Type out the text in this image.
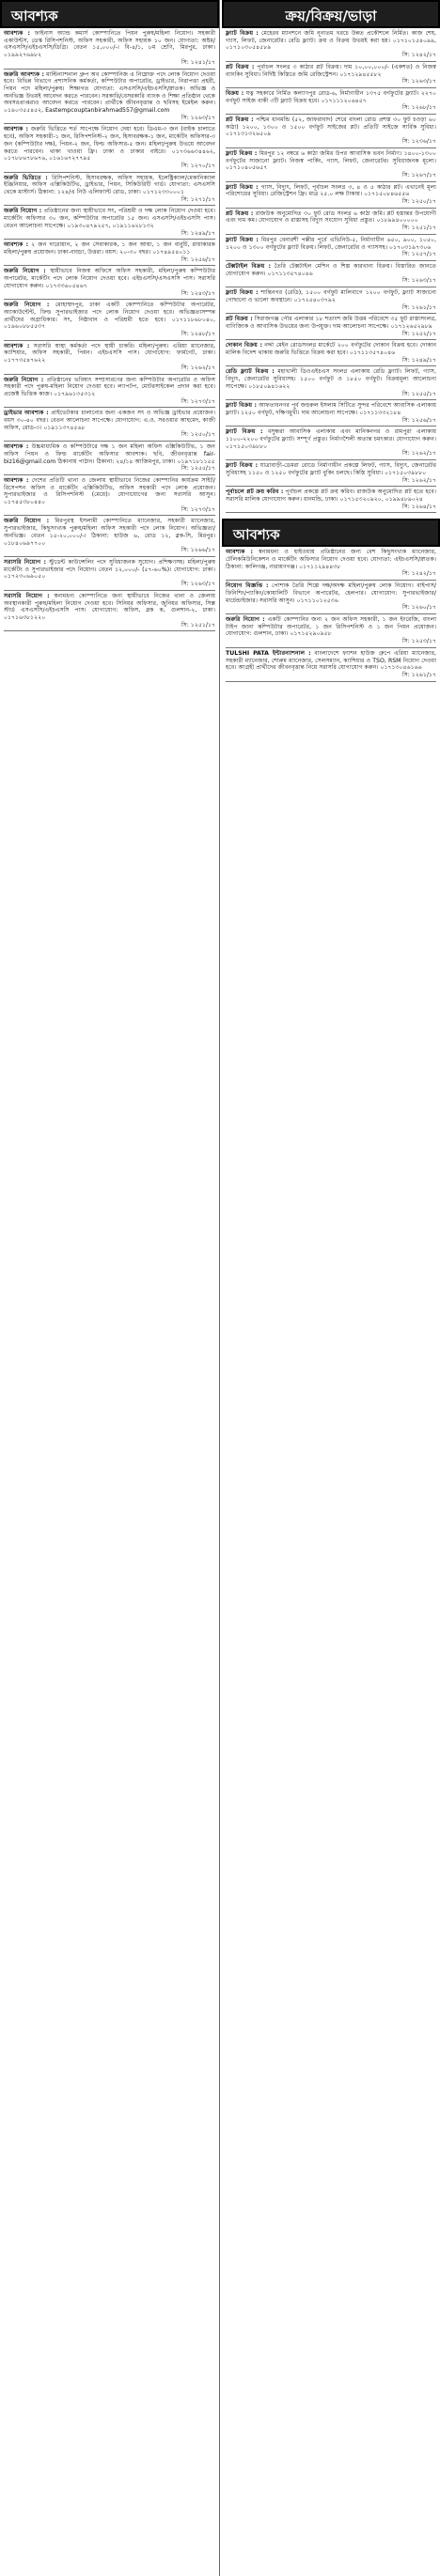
আবশ্যক
আবশ্যক : ফাইনাস অ্যান্ড কমার্স কোম্পানিতে পিয়ন পুরুষ/মহিলা নিয়োগ। সহকারী একাউন্টস, ডেস্ক রিসিপশনিস্ট, অফিস সহকারী, অফিস সহায়ক ১০ জন। যোগ্যতা: অষ্টম/এসএসসি/এইচএসসি/ডিগ্রি। বেতন ১৫,০০০/-। বি-৪/১, ৮ম শ্রেণি, মিরপুর, ঢাকা। ০১৯৯২৭৬৯৮২
সি: ১২৪১/১৭
জরুরি আবশ্যক : মাল্টিন্যাশনাল গ্রুপ অব কোম্পানিজ এ নিম্নোক্ত পদে লোক নিয়োগ দেওয়া হবে। বিভিন্ন বিভাগে প্রশাসনিক কর্মকর্তা, কম্পিউটার অপারেটর, ড্রাইভার, নিরাপত্তা প্রহরী, পিয়ন পদে মহিলা/পুরুষ। শিক্ষাগত যোগ্যতা: এসএসসি/এইচএসসি/স্নাতক। অভিজ্ঞ ও অনভিজ্ঞ উভয়ই আবেদন করতে পারবেন। সরকারি/বেসরকারি ব্যাংক ও শিক্ষা প্রতিষ্ঠান থেকে অবসরপ্রাপ্তরাও আবেদন করতে পারবেন। প্রার্থীকে জীবনবৃত্তান্ত ও ছবিসহ ইমেইল করুন। ০১৯০৩৫৫৪৫২, Eastempcouptanbirahmad557@gmail.com
সি: ১২৬৩/১৭
আবশ্যক : জরুরি ভিত্তিতে শর্ত সাপেক্ষে নিয়োগ দেয়া হবে। ডিএম-৩ জন (বাইক চালাতে হবে), অফিস সহকারী-১ জন, রিসিপশনিস্ট-২ জন, হিসাবরক্ষক-১ জন, মার্কেটিং অফিসার-৩ জন (কম্পিউটার দক্ষ), পিয়ন-২ জন, ফিল্ড অফিসার-৫ জন। মহিলা/পুরুষ উভয়ে আবেদন করতে পারবেন। থাকা খাওয়া ফ্রি। ঢাকা ও ঢাকার বাইরে। ০১৭৩৬৬৩৪৪৬২, ০১৭৮৮৬৭৮৬৭৬, ০১৬১৬৭২৭৭৯৫
সি: ১২৭০/১৭
জরুরি ভিত্তিতে : রিসিপশনিস্ট, হিসাবরক্ষক, অফিস সহায়ক, ইলেক্ট্রিক্যাল/মেকানিক্যাল ইঞ্জিনিয়ার, অফিস এক্সিকিউটিভ, ড্রাইভার, পিয়ন, সিকিউরিটি গার্ড। যোগ্যতা: এসএসসি থেকে মাস্টার্স। ঠিকানা: ১২৪/এ নিউ এলিফ্যান্ট রোড, ঢাকা। ০১৭১২৩৩০০০১
সি: ১২৭১/১৭
জরুরি নিয়োগ : প্রতিষ্ঠানের জন্য স্থায়ীভাবে সৎ, পরিশ্রমী ও দক্ষ লোক নিয়োগ দেওয়া হবে। মার্কেটিং অফিসার ৩০ জন, কম্পিউটার অপারেটর ১৫ জন। এসএসসি/এইচএসসি পাস। বেতন আলোচনা সাপেক্ষে। ০১৯৩০৪৭৯২৫৭, ০১৯১১৬২৮১৩২
সি: ১২৪৯/১৭
আবশ্যক : ২ জন দারোয়ান, ২ জন সেবাকারক, ১ জন আয়া, ১ জন বাবুর্চি, রায়াকারক মহিলা/পুরুষ প্রয়োজন। ঢাকা-বাড্ডা, উত্তরা। বয়স: ২০-৩০ বছর। ০১৭৪৯৫৪০১১
সি: ১২৫৬/১৭
জরুরি নিয়োগ : স্থায়ীভাবে নিজস্ব অফিসে অফিস সহকারী, মহিলা/পুরুষ কম্পিউটার অপারেটর, মার্কেটিং পদে লোক নিয়োগ দেওয়া হবে। এইচএসসি/এসএসসি পাস। সরাসরি যোগাযোগ করুন। ০১৭৩৩৬০৫৪৬৭
সি: ১২৪৩/১৭
জরুরি নিয়োগ : মোহাম্মদপুর, ঢাকা একটি কোম্পানিতে কম্পিউটার অপারেটর, অ্যাকাউন্টেন্ট, ফিল্ড সুপারভাইজার পদে লোক নিয়োগ দেওয়া হবে। অভিজ্ঞতাসম্পন্ন প্রার্থীদের অগ্রাধিকার। সৎ, নিষ্ঠাবান ও পরিশ্রমী হতে হবে। ০১৭১১৮৬৮০৪০, ০১৯৬০৮৮৫৫৩৭
সি: ১২৪৮/১৭
আবশ্যক : সরাসরি স্বাস্থ্য কর্মকর্তা পদে স্থায়ী চাকরি। মহিলা/পুরুষ। এরিয়া ম্যানেজার, ক্যাশিয়ার, অফিস সহকারী, পিয়ন। এইচএসসি পাস। যোগাযোগ: ফার্মগেট, ঢাকা। ০১৭৭৩৫৪৭৬২২
সি: ১২৬২/১৭
জরুরি নিয়োগ : প্রতিষ্ঠানের ভবিষ্যৎ সম্প্রসারণের জন্য কম্পিউটার অপারেটর ও অফিস সহকারী পদে পুরুষ-মহিলা নিয়োগ দেওয়া হবে। ল্যাপটপ, মোটরসাইকেল প্রদান করা হবে। প্রজেক্ট ভিত্তিক কাজ। ০১৭৯৬১৩৫৩১২
সি: ১২৭৩/১৭
ড্রাইভার আবশ্যক : প্রাইভেটকার চালানোর জন্য একজন সৎ ও অভিজ্ঞ ড্রাইভার প্রয়োজন। বয়স ৩০-৪০ বছর। বেতন আলোচনা সাপেক্ষে। যোগাযোগ: এ.ও. সরওয়ার আহমেদ, কাজী অফিস, রোড-৩। ০১৯১১৩৭৪৫৬৮
সি: ১২৫০/১৭
আবশ্যক : উচ্চমাধ্যমিক ও কম্পিউটারে দক্ষ ১ জন মহিলা অফিস এক্সিকিউটিভ, ১ জন অফিস পিয়ন ও ফিল্ড মার্কেটিং অফিসার আবশ্যক। ছবি, জীবনবৃত্তান্ত fair-biz16@gmail.com ঠিকানায় পাঠান। ঠিকানা: ২৪/১৪ আজিমপুর, ঢাকা। ০১৯৭১৮১১৫৫
সি: ১২৫৫/১৭
আবশ্যক : দেশের প্রতিটি থানা ও জেলায় স্থায়ীভাবে নিজের কোম্পানির কার্যক্রম সাইট/রিসেপশন অফিস ও মার্কেটিং এক্সিকিউটিভ, অফিস সহকারী পদে লোক প্রয়োজন। সুপারভাইজার ও রিসিপশনিস্ট (মেয়ে)। যোগাযোগের জন্য সরাসরি আসুন। ০১৭৪৫৩৮০৪৪০
সি: ১২৭৩/১৭
জরুরি নিয়োগ : মিরপুরস্থ ইসলামী কোম্পানিতে ম্যানেজার, সহকারী ম্যানেজার, সুপারভাইজার, কিছুসংখ্যক পুরুষ/মহিলা অফিস সহকারী পদে লোক নিয়োগ। অভিজ্ঞতা/অনভিজ্ঞ। বেতন ১৫-২০,০০০/-। ঠিকানা: হাউজ ৬, রোড ১২, ব্লক-সি, মিরপুর। ০১৮৪০৬৯৭৭০০
সি: ১২৬৬/১৭
সরাসরি নিয়োগ : স্টুডেন্ট কাউন্সেলিং পদে সুবিধাজনক সুযোগ। প্রশিক্ষণসহ। মহিলা/পুরুষ মার্কেটিং ও সুপারভাইজার পদে নিয়োগ। বেতন ১২,০০০/- (৫৭-৬০%)। যোগাযোগ: ঢাকা। ০১৭২৩০৬৯০৫০
সি: ১২৬৩/১৭
সরাসরি নিয়োগ : স্বনামধন্য কোম্পানিতে জন্য স্থায়ীভাবে নিজের থানা ও জেলায় অবস্থানকারী পুরুষ/মহিলা নিয়োগ দেওয়া হবে। সিনিয়র অফিসার, জুনিয়র অফিসার, সিক্স স্টার্ড এসএসসি/এইচএসসি পাস। যোগাযোগ: অফিস, ব্লক ক, গুলশান-২, ঢাকা। ০১৭১৬৩৮১২২০
সি: ১২৫১/১৭
ক্রয়/বিক্রয়/ভাড়া
ফ্ল্যাট বিক্রয় : মেহেরব ম্যানশনে জমি নূন্যতম খরচে উন্নত প্রকৌশলে নির্মিত। কাজ শেষ, গ্যাস, লিফট, জেনারেটর। রেডি ফ্ল্যাট। ক্রয় ও বিক্রয় উভয়ই করা হয়। ০১৭১০১৫৪০৯৯, ০১৭১০৩০৫৪৫৮৯
সি: ১২৪২/১৭
প্লট বিক্রয় : পূর্বাচল সংলগ্ন ৩ কাঠার প্লট বিক্রয়। দাম ১০,০০,০০০/- (একশত) ও নিজস্ব ব্যাংকিং সুবিধা। নির্দিষ্ট কিস্তিতে জমি রেজিস্ট্রেশন। ০১৭১২৯৪৫৫৮২
সি: ১২৬৩/১৭
বিক্রয় : যত্ন সহকারে নির্মিত কল্যাণপুর রোড-৬, নির্মাণাধীন ১৩৭৫ বর্গফুটের ফ্ল্যাট। ২২৭০ বর্গফুট সাইজ বাকী ৩টি ফ্ল্যাট বিক্রয় হবে। ০১৭১১১২০৬৪৫৭
সি: ১২৬৮/১৭
প্লট বিক্রয় : পশ্চিম ধানমন্ডি (৫২, জাফরাবাদ) শেরে বাংলা রোড প্রশস্ত ৩০ ফুট চওড়া ৬০ কাঠা) ১২০০, ১৩০০ ও ১৫০০ বর্গফুট সাইজের প্লট। প্রতিটি সাইজে সার্বিক সুবিধা। ০১৭১৩১৩২৬৫০৯
সি: ১২৩৬/১৭
ফ্ল্যাট বিক্রয় : মিরপুর ১২ নম্বরে ৬ কাঠা জমির উপর আবাসিক ভবন নির্মাণ। ১৪০০-১৩০০ বর্গফুটের সাজানো ফ্ল্যাট। নিজস্ব পার্কিং, গ্যাস, লিফট, জেনারেটর। সুবিধাজনক মূল্যে। ০১৭১০৪০৫৬৫৭
সি: ১২৬৭/১৭
ফ্ল্যাট বিক্রয় : গ্যাস, বিদ্যুৎ, লিফট, পূর্বাচল সংলগ্ন ৩, ৪ ও ৫ কাঠার প্লট। এখানেই মূল্য পরিশোধের সুবিধা। রেজিস্ট্রেশন ফ্রি। মাত্র ২৫.০ লক্ষ টাকায়। ০১৭১৫০৮৪৬৫৫৬
সি: ১২৫০/১৭
প্লট বিক্রয় : রাজউক অনুমোদিত ৩০ ফুট রোড সংলগ্ন ৬ কাঠা জমি। প্লট হস্তান্তর উপযোগী এবং দাম কম। যোগাযোগ ও রাস্তাসহ বিদ্যুৎ সংযোগ সুবিধা প্রস্তুত। ০১৮৯৯৪০০০০০
সি: ১২৫১/১৭
ফ্ল্যাট বিক্রয় : মিরপুর বেনারশী পল্লীর পূর্বে এভিনিউ-৫, নির্মাণাধীন ৬৫০, ৯০০, ১০৫০, ১২০০ ও ১৩০০ বর্গফুটের ফ্ল্যাট বিক্রয়। লিফট, জেনারেটর ও গ্যাসসহ। ০১৭০৩১৯৭৩০৬
সি: ১২৫৭/১৭
টেক্সটাইল বিক্রয় : তৈরি টেক্সটাইল মেশিন ও শিল্প কারখানা বিক্রয়। বিস্তারিত জানতে যোগাযোগ করুন। ০১৭১১৩৫৭৪০৪৬
সি: ১২৬৩/১৭
ফ্ল্যাট বিক্রয় : শান্তিনগর (রেডি), ১৫০০ বর্গফুট মালিবাগে ১২০০ বর্গফুট, ফ্ল্যাট সাজানো গোছানো ও ভালো অবস্থানে। ০১৭২৫৪০৩৭৯২
সি: ১২৬১/১৭
প্লট বিক্রয় : সিরাজগঞ্জ পৌর এলাকার ১৮ শতাংশ জমি উত্তম পরিবেশে ৩৫ ফুট রাস্তাসংলগ্ন, বাণিজ্যিক ও আবাসিক উভয়ের জন্য উপযুক্ত। দাম আলোচনা সাপেক্ষে। ০১৭১২৬৫২৯৮৯
সি: ১২৫২/১৭
দোকান বিক্রয় : নর্দ্দা মেইন রোডসংলগ্ন মার্কেটে ২০০ বর্গফুটের দোকান বিক্রয় হবে। দোকান মালিক বিদেশ থাকায় জরুরি ভিত্তিতে বিক্রয় করা হবে। ০১৭১১৩৫৭৪০৪৬
সি: ১২৪৯/১৭
রেডি ফ্ল্যাট বিক্রয় : মহাখালী ডিওএইচএস সংলগ্ন এলাকায় রেডি ফ্ল্যাট। লিফট, গ্যাস, বিদ্যুৎ, জেনারেটর সুবিধাসহ। ১৫০০ বর্গফুট ও ১৮৫০ বর্গফুট। বিক্রয়মূল্য আলোচনা সাপেক্ষে। ০১৮৫০৯৪১৬২২
সি: ১২৫৫/১৭
ফ্ল্যাট বিক্রয় : আফতাবনগর পূর্ব জহুরুল ইসলাম সিটিতে সুন্দর পরিবেশে আবাসিক এলাকায় ফ্ল্যাট। ১২৫০ বর্গফুট, দক্ষিণমুখী। দাম আলোচনা সাপেক্ষে। ০১৭১১৩৩২১৮৪
সি: ১২৫৬/১৭
ফ্ল্যাট বিক্রয় : বসুন্ধরা আবাসিক এলাকায় এবং মানিকনগর ও রামপুরা এলাকায় ১১০০-২২০০ বর্গফুটের ফ্ল্যাট। সম্পূর্ণ প্রস্তুত। নির্মাণশৈলী অত্যন্ত চমৎকার। যোগাযোগ করুন। ০১৭১৫০৩৯৮৮০
সি: ১২৬২/১৭
ফ্ল্যাট বিক্রয় : যাত্রাবাড়ী-ডেমরা রোডে নির্মাণাধীন প্রকল্পে লিফট, গ্যাস, বিদ্যুৎ, জেনারেটর সুবিধাসহ ১১৫০ ও ১২৫০ বর্গফুটের ফ্ল্যাট বুকিং চলছে। কিস্তি সুবিধা। ০১৭১৫০৩৯৮৮০
সি: ১২৬২/১৭
পূর্বাচলে প্লট ক্রয় করিব : পূর্বাচল প্রকল্পে প্লট ক্রয় করিব। রাজউক অনুমোদিত প্লট হতে হবে। সরাসরি মালিক যোগাযোগ করুন। ধানমন্ডি, ঢাকা। ০১৭১৫৩২০৯২০, ০১৯৯৪৮৯০২৪
সি: ১২৬৪/১৭
আবশ্যক
আবশ্যক : স্বনামধন্য ও হাইওয়ায় প্রতিষ্ঠানের জন্য বেশ কিছুসংখ্যক ম্যানেজার, টেলিকমিউনিকেশন ও মার্কেটিং অফিসার নিয়োগ দেওয়া হবে। যোগ্যতা: এইচএসসি/স্নাতক। ঠিকানা: কালিগঞ্জ, নারায়ণগঞ্জ। ০১৭১১২৯৪৪৩৮
সি: ১২৪২/১৭
নিয়োগ বিজ্ঞপ্তি : পোশাক তৈরি শিল্পে দক্ষ/অদক্ষ মহিলা/পুরুষ লোক নিয়োগ। বাইপাস/ফিনিশিং/প্যাকিং/কোয়ালিটি বিভাগে অপারেটর, হেলপার। যোগাযোগ: সুপারভাইজার/মার্চেন্ডাইজার। সরাসরি আসুন। ০১৭১১০১২৫৩৬
সি: ১২৬০/১৭
জরুরি নিয়োগ : একটি কোম্পানির জন্য ২ জন অফিস সহকারী, ১ জন ইংরেজি, বাংলা টাইপ জানা কম্পিউটার অপারেটর, ১ জন রিসিপশনিস্ট ও ১ জন পিয়ন প্রয়োজন। যোগাযোগ: গুলশান, ঢাকা। ০১৭১৫২৯০৯৫৮
সি: ১২৫৩/১৭
TULSHI PATA ইন্টারন্যাশনাল : বাংলাদেশে ফ্যাশন হাউজ গ্রুপে এরিয়া ম্যানেজার, সহকারী ম্যানেজার, শোরুম ম্যানেজার, সেলসম্যান, ক্যাশিয়ার ও TSO, RSM নিয়োগ দেওয়া হবে। আগ্রহী প্রার্থীদের জীবনবৃত্তান্ত নিয়ে সরাসরি যোগাযোগ করুন। ০১৭১৩০৪৬১৬৬
সি: ১২৬১/১৭
